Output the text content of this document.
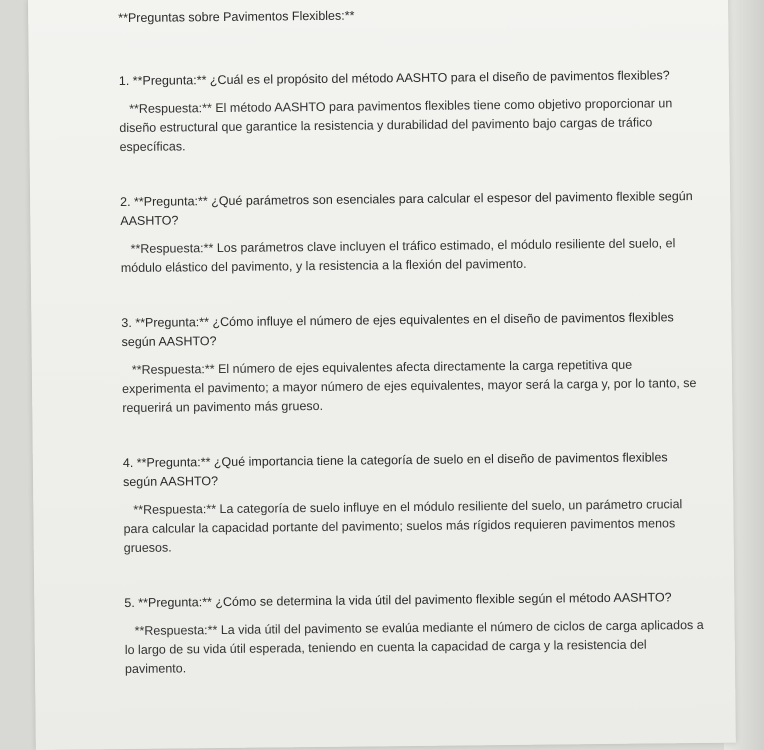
**Preguntas sobre Pavimentos Flexibles:**

1. **Pregunta:** ¿Cuál es el propósito del método AASHTO para el diseño de pavimentos flexibles?

**Respuesta:** El método AASHTO para pavimentos flexibles tiene como objetivo proporcionar un diseño estructural que garantice la resistencia y durabilidad del pavimento bajo cargas de tráfico específicas.

2. **Pregunta:** ¿Qué parámetros son esenciales para calcular el espesor del pavimento flexible según AASHTO?

**Respuesta:** Los parámetros clave incluyen el tráfico estimado, el módulo resiliente del suelo, el módulo elástico del pavimento, y la resistencia a la flexión del pavimento.

3. **Pregunta:** ¿Cómo influye el número de ejes equivalentes en el diseño de pavimentos flexibles según AASHTO?

**Respuesta:** El número de ejes equivalentes afecta directamente la carga repetitiva que experimenta el pavimento; a mayor número de ejes equivalentes, mayor será la carga y, por lo tanto, se requerirá un pavimento más grueso.

4. **Pregunta:** ¿Qué importancia tiene la categoría de suelo en el diseño de pavimentos flexibles según AASHTO?

**Respuesta:** La categoría de suelo influye en el módulo resiliente del suelo, un parámetro crucial para calcular la capacidad portante del pavimento; suelos más rígidos requieren pavimentos menos gruesos.

5. **Pregunta:** ¿Cómo se determina la vida útil del pavimento flexible según el método AASHTO?

**Respuesta:** La vida útil del pavimento se evalúa mediante el número de ciclos de carga aplicados a lo largo de su vida útil esperada, teniendo en cuenta la capacidad de carga y la resistencia del pavimento.
